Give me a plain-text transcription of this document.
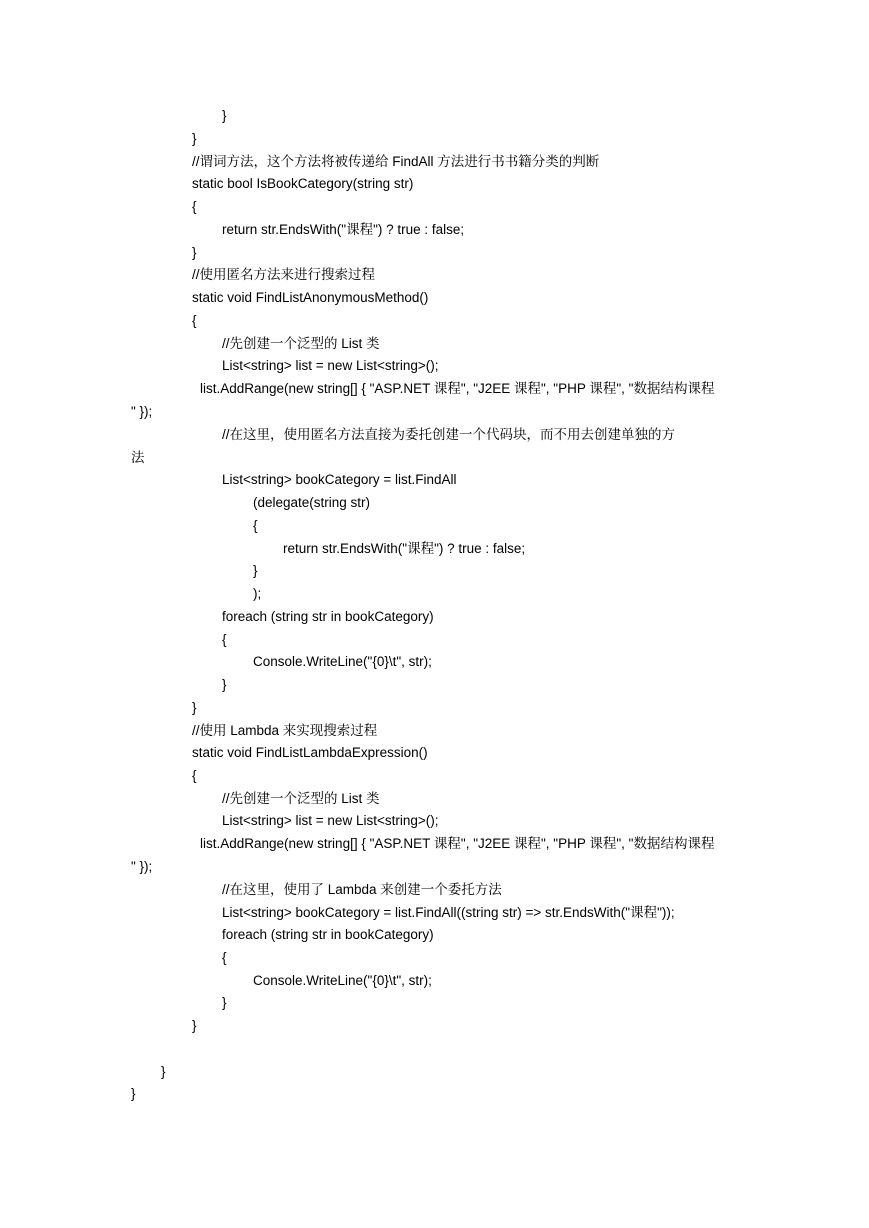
}
}
//谓词方法，这个方法将被传递给 FindAll 方法进行书书籍分类的判断
static bool IsBookCategory(string str)
{
return str.EndsWith("课程") ? true : false;
}
//使用匿名方法来进行搜索过程
static void FindListAnonymousMethod()
{
//先创建一个泛型的 List 类
List<string> list = new List<string>();
list.AddRange(new string[] { "ASP.NET 课程", "J2EE 课程", "PHP 课程", "数据结构课程
" });
//在这里，使用匿名方法直接为委托创建一个代码块，而不用去创建单独的方
法
List<string> bookCategory = list.FindAll
(delegate(string str)
{
return str.EndsWith("课程") ? true : false;
}
);
foreach (string str in bookCategory)
{
Console.WriteLine("{0}\t", str);
}
}
//使用 Lambda 来实现搜索过程
static void FindListLambdaExpression()
{
//先创建一个泛型的 List 类
List<string> list = new List<string>();
list.AddRange(new string[] { "ASP.NET 课程", "J2EE 课程", "PHP 课程", "数据结构课程
" });
//在这里，使用了 Lambda 来创建一个委托方法
List<string> bookCategory = list.FindAll((string str) => str.EndsWith("课程"));
foreach (string str in bookCategory)
{
Console.WriteLine("{0}\t", str);
}
}
}
}
